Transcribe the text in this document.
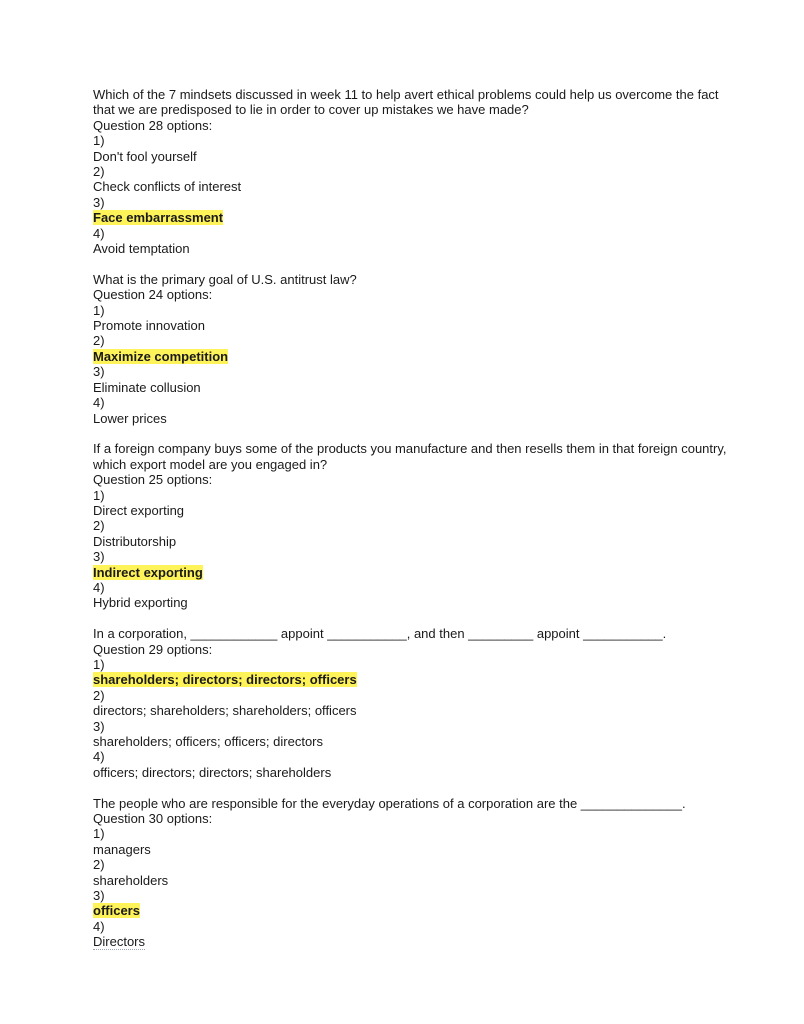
Which of the 7 mindsets discussed in week 11 to help avert ethical problems could help us overcome the fact that we are predisposed to lie in order to cover up mistakes we have made?
Question 28 options:
1)
Don't fool yourself
2)
Check conflicts of interest
3)
Face embarrassment
4)
Avoid temptation
What is the primary goal of U.S. antitrust law?
Question 24 options:
1)
Promote innovation
2)
Maximize competition
3)
Eliminate collusion
4)
Lower prices
If a foreign company buys some of the products you manufacture and then resells them in that foreign country, which export model are you engaged in?
Question 25 options:
1)
Direct exporting
2)
Distributorship
3)
Indirect exporting
4)
Hybrid exporting
In a corporation, ____________ appoint ___________, and then _________ appoint ___________.
Question 29 options:
1)
shareholders; directors; directors; officers
2)
directors; shareholders; shareholders; officers
3)
shareholders; officers; officers; directors
4)
officers; directors; directors; shareholders
The people who are responsible for the everyday operations of a corporation are the ______________.
Question 30 options:
1)
managers
2)
shareholders
3)
officers
4)
Directors
